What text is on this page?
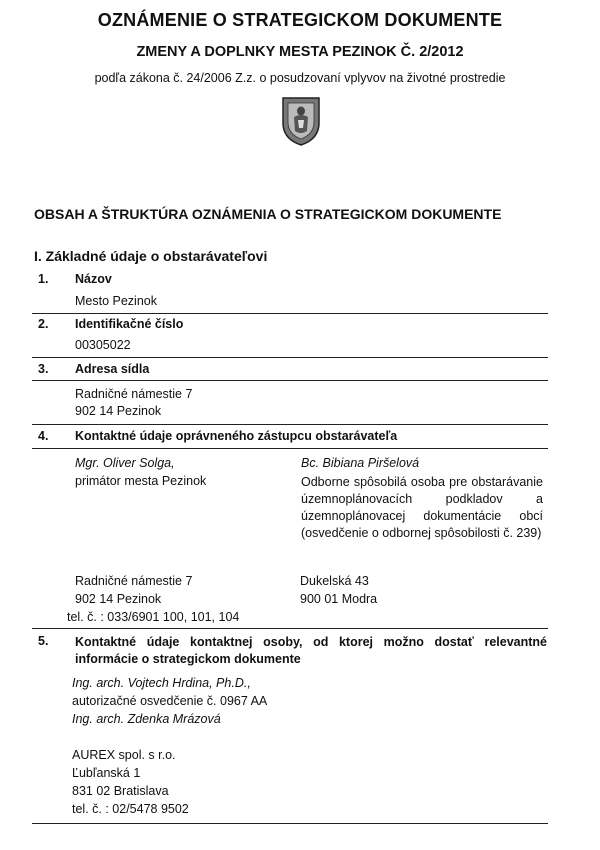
OZNÁMENIE O STRATEGICKOM DOKUMENTE
ZMENY A DOPLNKY MESTA PEZINOK Č. 2/2012
podľa zákona č. 24/2006 Z.z. o posudzovaní vplyvov na životné prostredie
OBSAH A ŠTRUKTÚRA OZNÁMENIA O STRATEGICKOM DOKUMENTE
I. Základné údaje o obstarávateľovi
1. Názov
Mesto Pezinok
2. Identifikačné číslo
00305022
3. Adresa sídla
Radničné námestie 7
902 14 Pezinok
4. Kontaktné údaje oprávneného zástupcu obstarávateľa
Mgr. Oliver Solga,
primátor mesta Pezinok
Bc. Bibiana Piršelová
Odborne spôsobilá osoba pre obstarávanie územnoplánovacích podkladov a územnoplánovacej dokumentácie obcí (osvedčenie o odbornej spôsobilosti č. 239)
Radničné námestie 7
902 14 Pezinok
tel. č. : 033/6901 100, 101, 104
Dukelská 43
900 01 Modra
5. Kontaktné údaje kontaktnej osoby, od ktorej možno dostať relevantné informácie o strategickom dokumente
Ing. arch. Vojtech Hrdina, Ph.D.,
autorizačné osvedčenie č. 0967 AA
Ing. arch. Zdenka Mrázová
AUREX spol. s r.o.
Ľubľanská 1
831 02 Bratislava
tel. č. : 02/5478 9502
